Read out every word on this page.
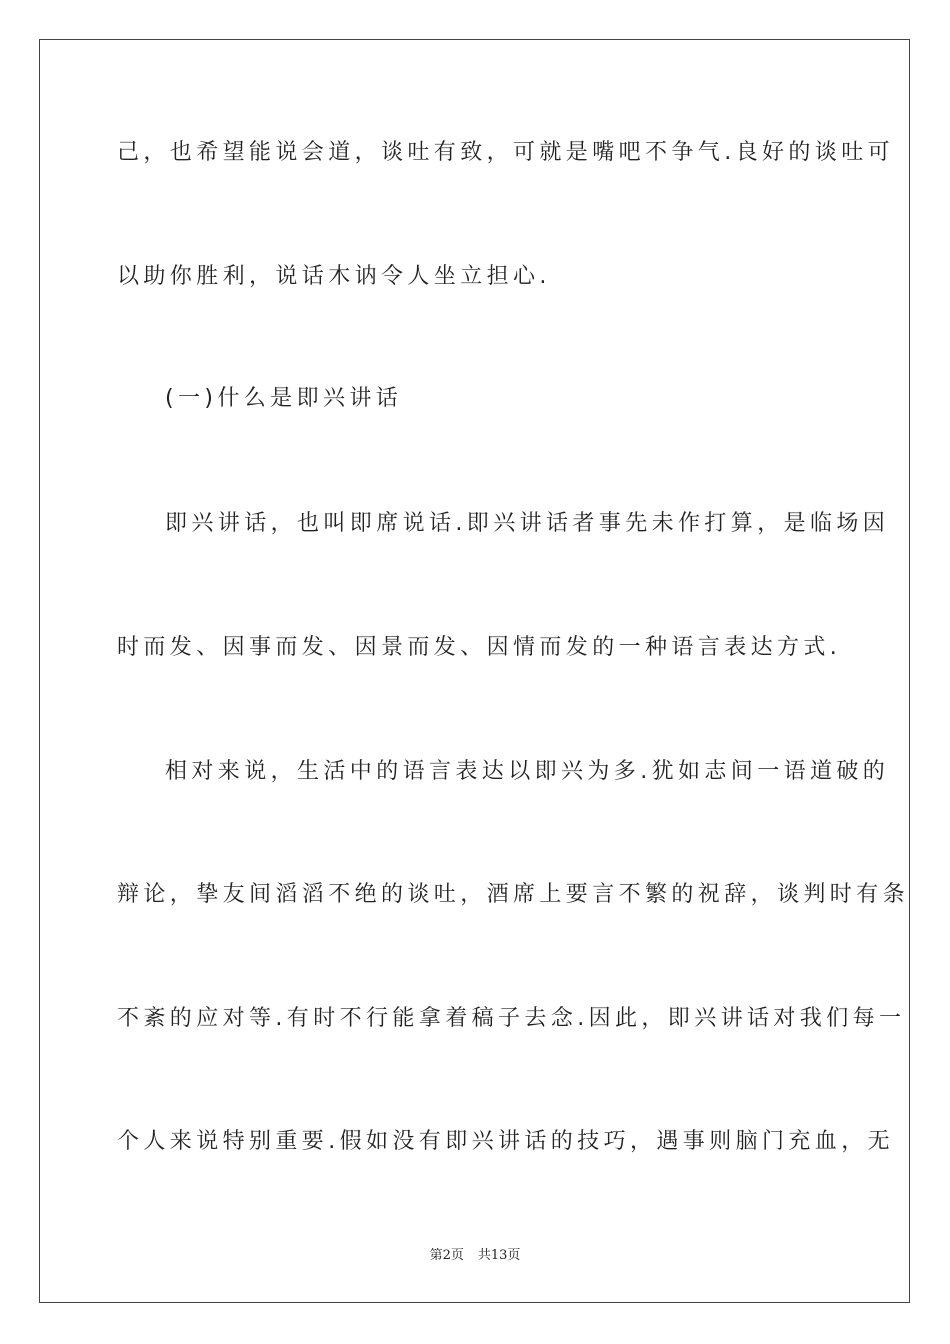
己，也希望能说会道，谈吐有致，可就是嘴吧不争气.良好的谈吐可

以助你胜利，说话木讷令人坐立担心.

(一)什么是即兴讲话

即兴讲话，也叫即席说话.即兴讲话者事先未作打算，是临场因

时而发、因事而发、因景而发、因情而发的一种语言表达方式.

相对来说，生活中的语言表达以即兴为多.犹如志间一语道破的

辩论，挚友间滔滔不绝的谈吐，酒席上要言不繁的祝辞，谈判时有条

不紊的应对等.有时不行能拿着稿子去念.因此，即兴讲话对我们每一

个人来说特别重要.假如没有即兴讲话的技巧，遇事则脑门充血，无

第2页 共13页
